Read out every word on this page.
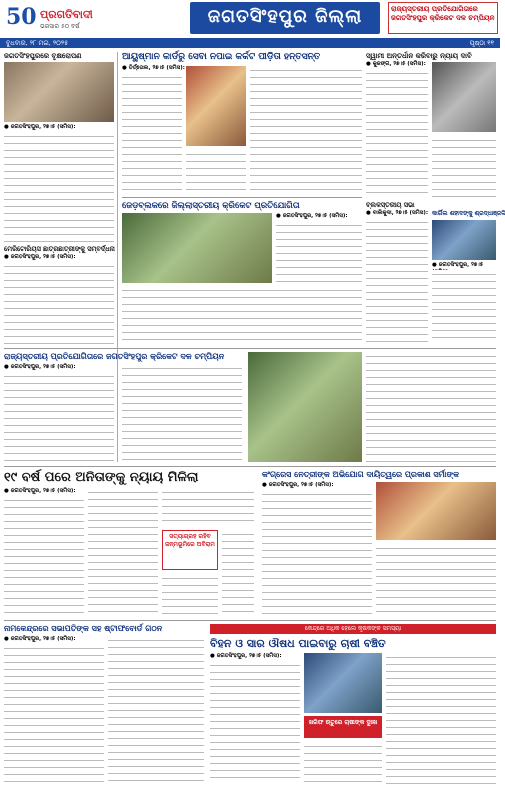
50 ପ୍ରଗତିବାଦୀ
ଭରସାର ୫୦ ବର୍ଷ	ଜଗତସିଂହପୁର ଜିଲ୍ଲା	ରାଜ୍ୟସ୍ତରୀୟ ପ୍ରତିଯୋଗିତାରେ ଜଗତସିଂହପୁର କ୍ରିକେଟ ଦଳ ଚମ୍ପିୟନ
ବୁଧବାର, ୨୮ ମଇ, ୨୦୨୫	ପୃଷ୍ଠା ୧୧
ଜଗତସିଂହପୁରରେ ବୃକ୍ଷରୋପଣ
● ଜଗତସିଂହପୁର, ୨୭।୫ (ସମିସ):
ମେରିଟୋରିୟସ ଛାତ୍ରଛାତ୍ରୀଙ୍କୁ ସମ୍ବର୍ଦ୍ଧନା
● ଜଗତସିଂହପୁର, ୨୭।୫ (ସମିସ):
ଆୟୁଷ୍ମାନ କାର୍ଡରୁ ସେବା ନପାଇ କର୍କଟ ପୀଡ଼ିତା ହନ୍ତସନ୍ତ
● ତିର୍ତ୍ତୋଲ, ୨୭।୫ (ସମିସ):
ଜେଡ଼ବ୍ଲକରେ ଜିଲ୍ଲାସ୍ତରୀୟ କ୍ରିକେଟ ପ୍ରତିଯୋଗିତା
● ଜଗତସିଂହପୁର, ୨୭।୫ (ସମିସ):
ବ୍ଲକସ୍ତରୀୟ ସଭା
● ବାଲିକୁଦା, ୨୭।୫ (ସମିସ):
ସ୍ୱାମୀ ଅନ୍ତର୍ଧାନ କରିବାରୁ ନ୍ୟାୟ ଦାବି
● କୁଜଙ୍ଗ, ୨୭।୫ (ସମିସ):
କାର୍ଗିଲ ଶହୀଦଙ୍କୁ ଶ୍ରଦ୍ଧାଞ୍ଜଳି
● ଜଗତସିଂହପୁର, ୨୭।୫
ରାଜ୍ୟସ୍ତରୀୟ ପ୍ରତିଯୋଗିତାରେ ଜଗତସିଂହପୁର କ୍ରିକେଟ ଦଳ ଚମ୍ପିୟନ
● ଜଗତସିଂହପୁର, ୨୭।୫ (ସମିସ):
୧୯ ବର୍ଷ ପରେ ଅନିତାଙ୍କୁ ନ୍ୟାୟ ମିଳିଲା
● ଜଗତସିଂହପୁର, ୨୭।୫ (ସମିସ):
ସତ୍ୟାଗ୍ରହ ରହିବ ଜନ୍ମଭୂମିରେ ଅବିରାମ
କଂଗ୍ରେସ ନେତ୍ରୀଙ୍କ ଅଭିଯୋଗ ଦାୟିତ୍ୱରେ ପ୍ରକାଶ ସର୍ମାଙ୍କ
● ଜଗତସିଂହପୁର, ୨୭।୫ (ସମିସ):
ନାମକେନ୍ଦ୍ରରେ ସଭାପତିଙ୍କ ସହ ଷ୍ଟାଫବୋର୍ଡ ଗଠନ
● ଜଗତସିଂହପୁର, ୨୭।୫ (ସମିସ):
କେନ୍ଦ୍ରେ ଅଧିକ ହେଲେ କୃଷକଙ୍କ ସମସ୍ୟା
ବିହନ ଓ ସାର ଔଷଧ ପାଇବାରୁ ଚାଷୀ ବଞ୍ଚିତ
● ଜଗତସିଂହପୁର, ୨୭।୫ (ସମିସ):
ଖରିଫ ଋତୁରେ ଚାଷୀଙ୍କ ଦୁଃଖ
